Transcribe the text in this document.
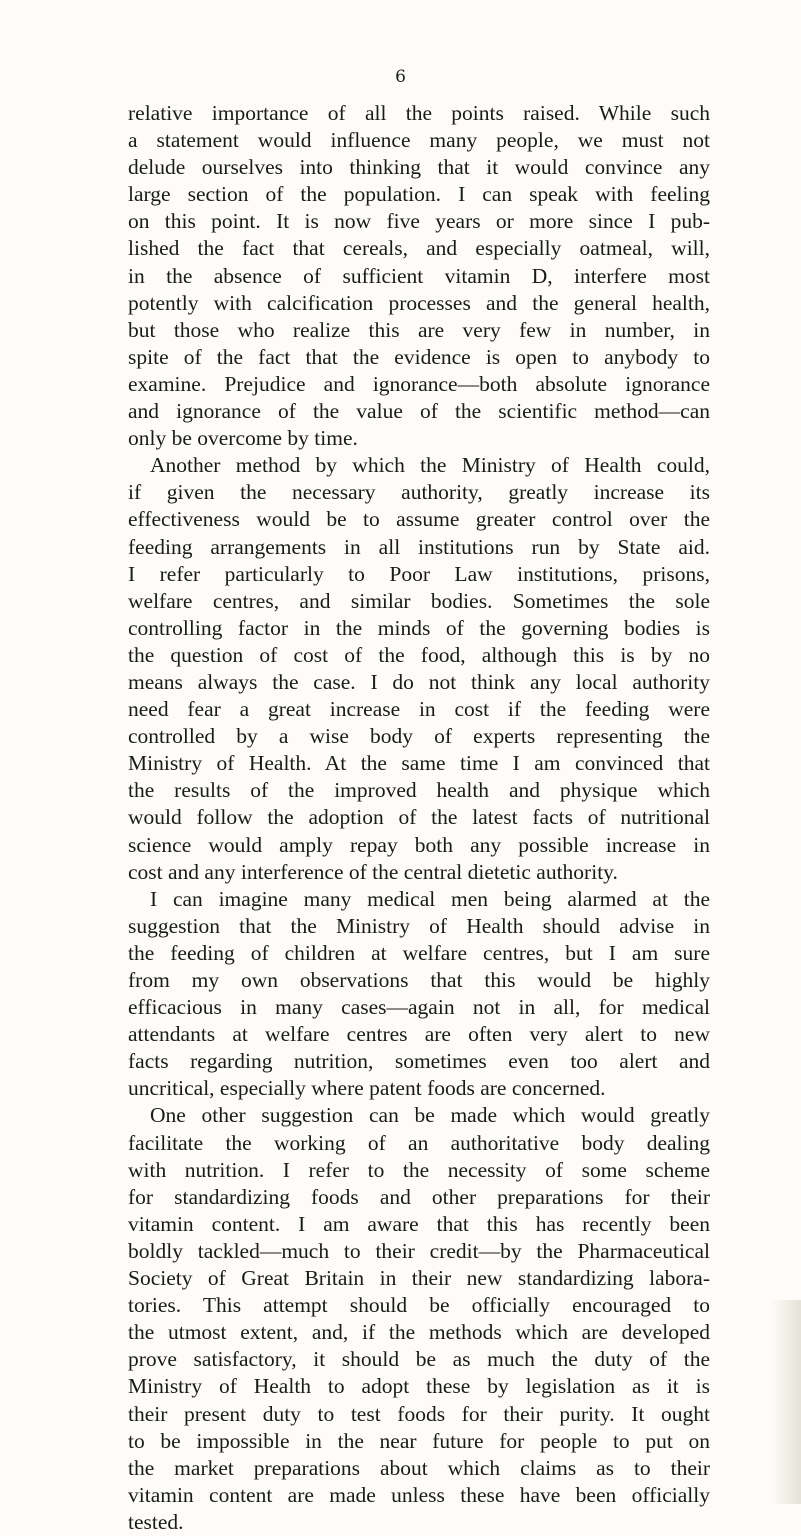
6
relative importance of all the points raised. While such
a statement would influence many people, we must not
delude ourselves into thinking that it would convince any
large section of the population. I can speak with feeling
on this point. It is now five years or more since I pub-
lished the fact that cereals, and especially oatmeal, will,
in the absence of sufficient vitamin D, interfere most
potently with calcification processes and the general health,
but those who realize this are very few in number, in
spite of the fact that the evidence is open to anybody to
examine. Prejudice and ignorance—both absolute ignorance
and ignorance of the value of the scientific method—can
only be overcome by time.
Another method by which the Ministry of Health could,
if given the necessary authority, greatly increase its
effectiveness would be to assume greater control over the
feeding arrangements in all institutions run by State aid.
I refer particularly to Poor Law institutions, prisons,
welfare centres, and similar bodies. Sometimes the sole
controlling factor in the minds of the governing bodies is
the question of cost of the food, although this is by no
means always the case. I do not think any local authority
need fear a great increase in cost if the feeding were
controlled by a wise body of experts representing the
Ministry of Health. At the same time I am convinced that
the results of the improved health and physique which
would follow the adoption of the latest facts of nutritional
science would amply repay both any possible increase in
cost and any interference of the central dietetic authority.
I can imagine many medical men being alarmed at the
suggestion that the Ministry of Health should advise in
the feeding of children at welfare centres, but I am sure
from my own observations that this would be highly
efficacious in many cases—again not in all, for medical
attendants at welfare centres are often very alert to new
facts regarding nutrition, sometimes even too alert and
uncritical, especially where patent foods are concerned.
One other suggestion can be made which would greatly
facilitate the working of an authoritative body dealing
with nutrition. I refer to the necessity of some scheme
for standardizing foods and other preparations for their
vitamin content. I am aware that this has recently been
boldly tackled—much to their credit—by the Pharmaceutical
Society of Great Britain in their new standardizing labora-
tories. This attempt should be officially encouraged to
the utmost extent, and, if the methods which are developed
prove satisfactory, it should be as much the duty of the
Ministry of Health to adopt these by legislation as it is
their present duty to test foods for their purity. It ought
to be impossible in the near future for people to put on
the market preparations about which claims as to their
vitamin content are made unless these have been officially
tested.
